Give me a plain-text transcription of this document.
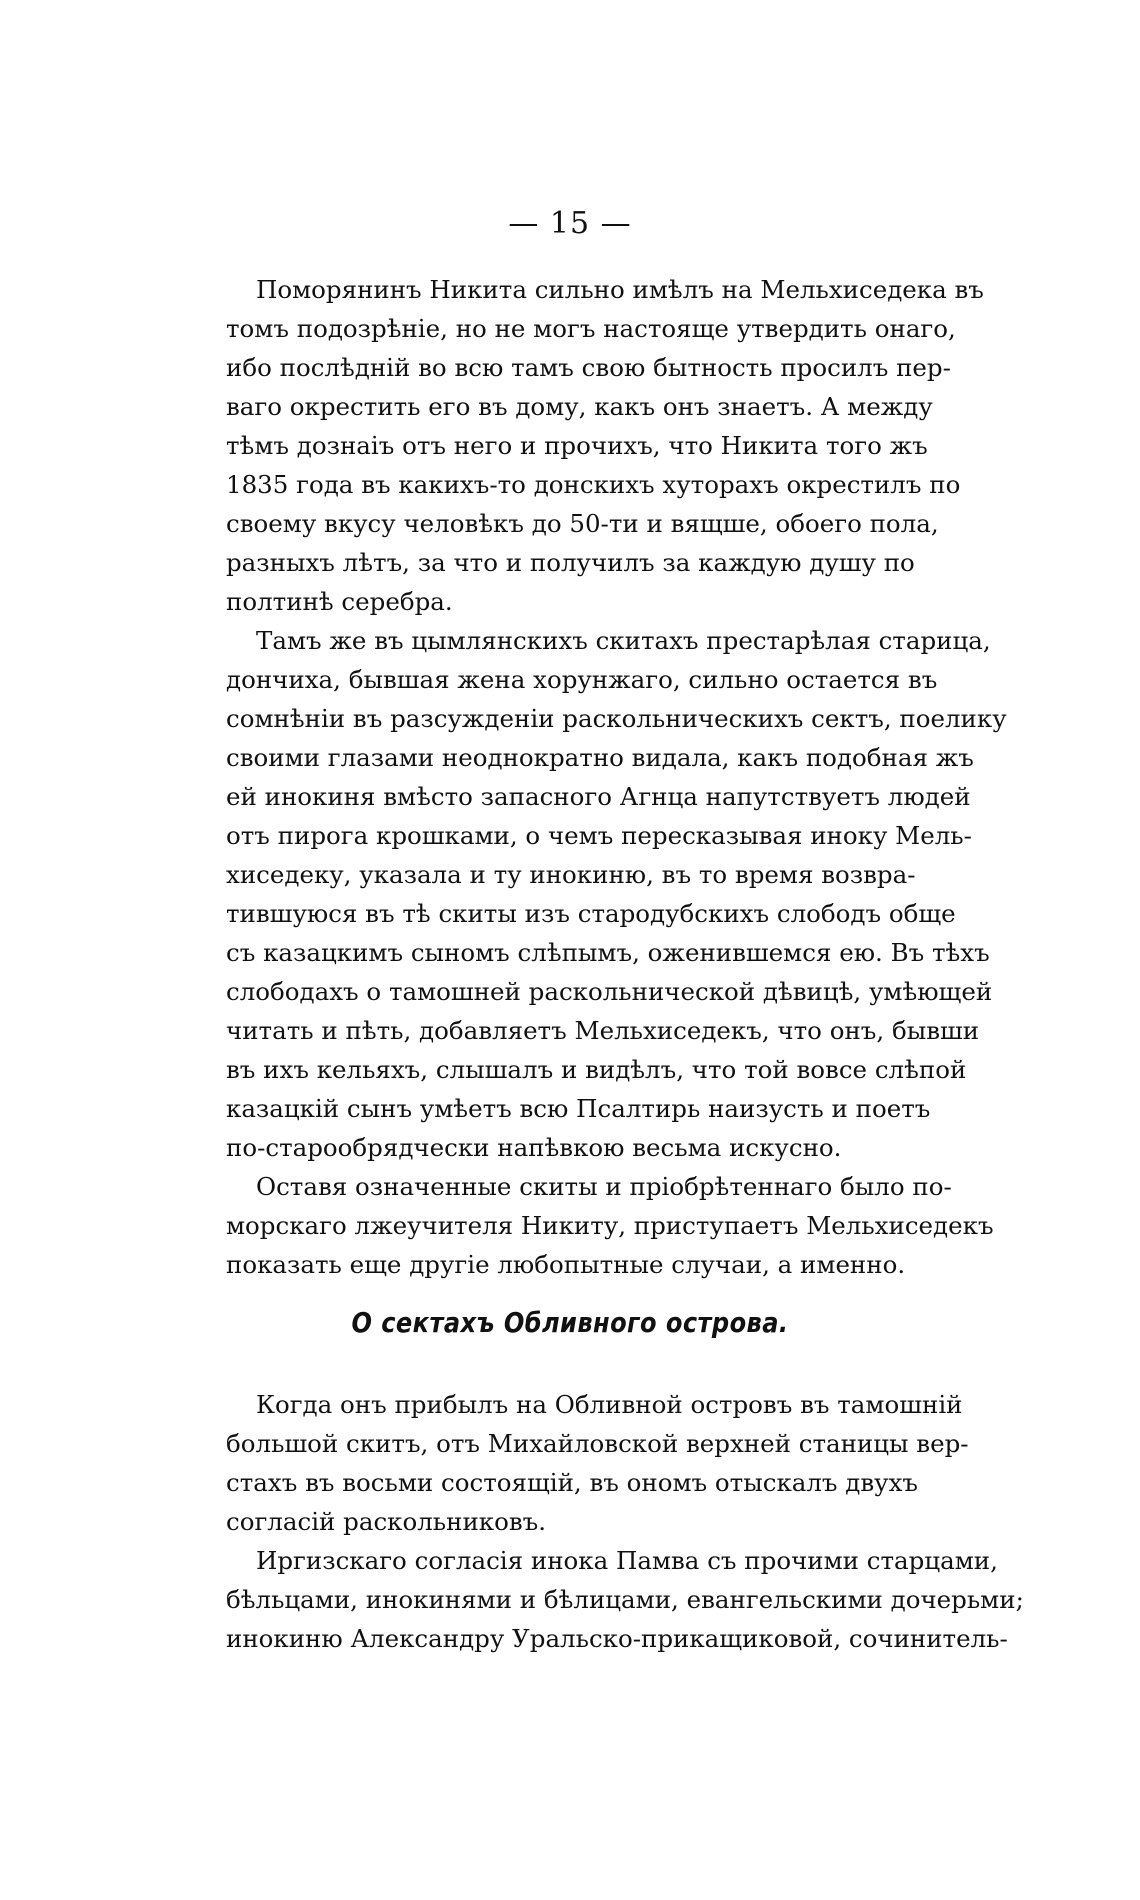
— 15 —
Поморянинъ Никита сильно имѣлъ на Мельхиседека въ
томъ подозрѣніе, но не могъ настояще утвердить онаго,
ибо послѣдній во всю тамъ свою бытность просилъ пер-
ваго окрестить его въ дому, какъ онъ знаетъ. А между
тѣмъ дознаіъ отъ него и прочихъ, что Никита того жъ
1835 года въ какихъ-то донскихъ хуторахъ окрестилъ по
своему вкусу человѣкъ до 50-ти и вящше, обоего пола,
разныхъ лѣтъ, за что и получилъ за каждую душу по
полтинѣ серебра.
Тамъ же въ цымлянскихъ скитахъ престарѣлая старица,
дончиха, бывшая жена хорунжаго, сильно остается въ
сомнѣніи въ разсужденіи раскольническихъ сектъ, поелику
своими глазами неоднократно видала, какъ подобная жъ
ей инокиня вмѣсто запасного Агнца напутствуетъ людей
отъ пирога крошками, о чемъ пересказывая иноку Мель-
хиседеку, указала и ту инокиню, въ то время возвра-
тившуюся въ тѣ скиты изъ стародубскихъ слободъ обще
съ казацкимъ сыномъ слѣпымъ, оженившемся ею. Въ тѣхъ
слободахъ о тамошней раскольнической дѣвицѣ, умѣющей
читать и пѣть, добавляетъ Мельхиседекъ, что онъ, бывши
въ ихъ кельяхъ, слышалъ и видѣлъ, что той вовсе слѣпой
казацкій сынъ умѣетъ всю Псалтирь наизусть и поетъ
по-старообрядчески напѣвкою весьма искусно.
Оставя означенные скиты и пріобрѣтеннаго было по-
морскаго лжеучителя Никиту, приступаетъ Мельхиседекъ
показать еще другіе любопытные случаи, а именно.
О сектахъ Обливного острова.
Когда онъ прибылъ на Обливной островъ въ тамошній
большой скитъ, отъ Михайловской верхней станицы вер-
стахъ въ восьми состоящій, въ ономъ отыскалъ двухъ
согласій раскольниковъ.
Иргизскаго согласія инока Памва съ прочими старцами,
бѣльцами, инокинями и бѣлицами, евангельскими дочерьми;
инокиню Александру Уральско-прикащиковой, сочинитель-
